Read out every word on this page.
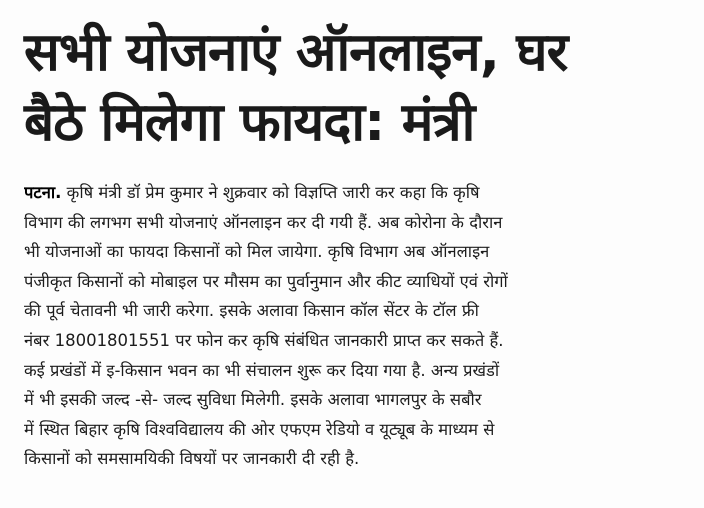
सभी योजनाएं ऑनलाइन, घर
बैठे मिलेगा फायदा: मंत्री
पटना. कृषि मंत्री डॉ प्रेम कुमार ने शुक्रवार को विज्ञप्ति जारी कर कहा कि कृषि
विभाग की लगभग सभी योजनाएं ऑनलाइन कर दी गयी हैं. अब कोरोना के दौरान
भी योजनाओं का फायदा किसानों को मिल जायेगा. कृषि विभाग अब ऑनलाइन
पंजीकृत किसानों को मोबाइल पर मौसम का पुर्वानुमान और कीट व्याधियों एवं रोगों
की पूर्व चेतावनी भी जारी करेगा. इसके अलावा किसान कॉल सेंटर के टॉल फ्री
नंबर 18001801551 पर फोन कर कृषि संबंधित जानकारी प्राप्त कर सकते हैं.
कई प्रखंडों में इ-किसान भवन का भी संचालन शुरू कर दिया गया है. अन्य प्रखंडों
में भी इसकी जल्द -से- जल्द सुविधा मिलेगी. इसके अलावा भागलपुर के सबौर
में स्थित बिहार कृषि विश्वविद्यालय की ओर एफएम रेडियो व यूट्यूब के माध्यम से
किसानों को समसामयिकी विषयों पर जानकारी दी रही है.
